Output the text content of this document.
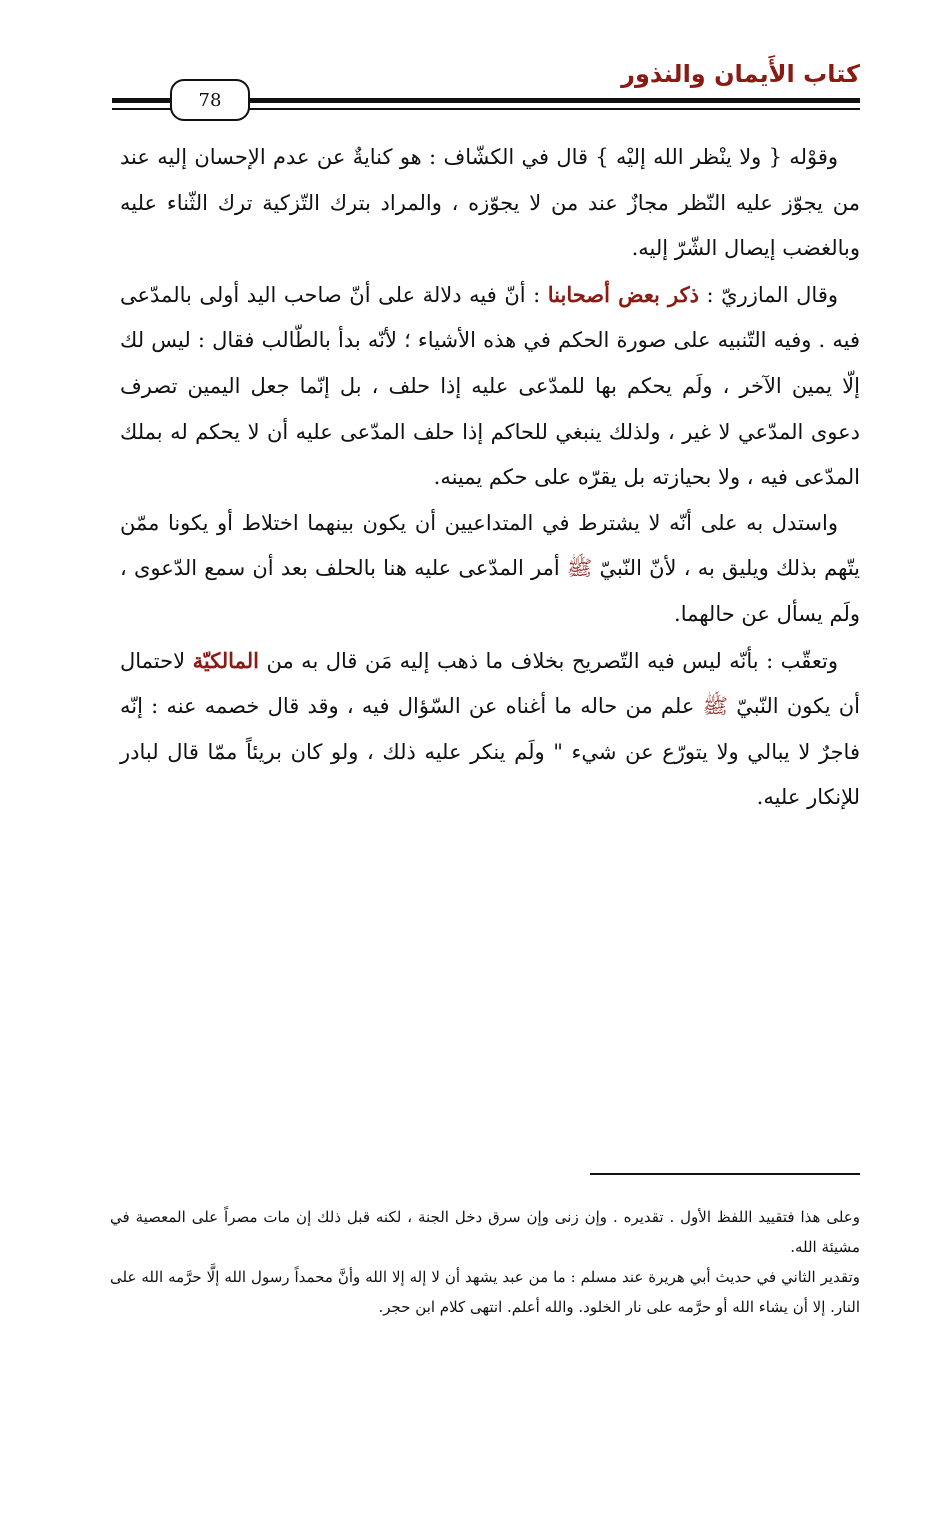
كتاب الأَيمان والنذور
78

وقوْله { ولا ينْظر الله إليْه } قال في الكشّاف : هو كنايةٌ عن عدم الإحسان إليه عند من يجوّز عليه النّظر مجازٌ عند من لا يجوّزه ، والمراد بترك التّزكية ترك الثّناء عليه وبالغضب إيصال الشّرّ إليه.

وقال المازريّ : ذكر بعض أصحابنا : أنّ فيه دلالة على أنّ صاحب اليد أولى بالمدّعى فيه . وفيه التّنبيه على صورة الحكم في هذه الأشياء ؛ لأنّه بدأ بالطّالب فقال : ليس لك إلّا يمين الآخر ، ولَم يحكم بها للمدّعى عليه إذا حلف ، بل إنّما جعل اليمين تصرف دعوى المدّعي لا غير ، ولذلك ينبغي للحاكم إذا حلف المدّعى عليه أن لا يحكم له بملك المدّعى فيه ، ولا بحيازته بل يقرّه على حكم يمينه.

واستدل به على أنّه لا يشترط في المتداعيين أن يكون بينهما اختلاط أو يكونا ممّن يتّهم بذلك ويليق به ، لأنّ النّبيّ ﷺ أمر المدّعى عليه هنا بالحلف بعد أن سمع الدّعوى ، ولَم يسأل عن حالهما.

وتعقّب : بأنّه ليس فيه التّصريح بخلاف ما ذهب إليه مَن قال به من المالكيّة لاحتمال أن يكون النّبيّ ﷺ علم من حاله ما أغناه عن السّؤال فيه ، وقد قال خصمه عنه : إنّه فاجرٌ لا يبالي ولا يتورّع عن شيء " ولَم ينكر عليه ذلك ، ولو كان بريئاً ممّا قال لبادر للإنكار عليه.

وعلى هذا فتقييد اللفظ الأول . تقديره . وإن زنى وإن سرق دخل الجنة ، لكنه قبل ذلك إن مات مصراً على المعصية في مشيئة الله.

وتقدير الثاني في حديث أبي هريرة عند مسلم : ما من عبد يشهد أن لا إله إلا الله وأنَّ محمداً رسول الله إلَّا حرَّمه الله على النار. إلا أن يشاء الله أو حرَّمه على نار الخلود. والله أعلم. انتهى كلام ابن حجر.
